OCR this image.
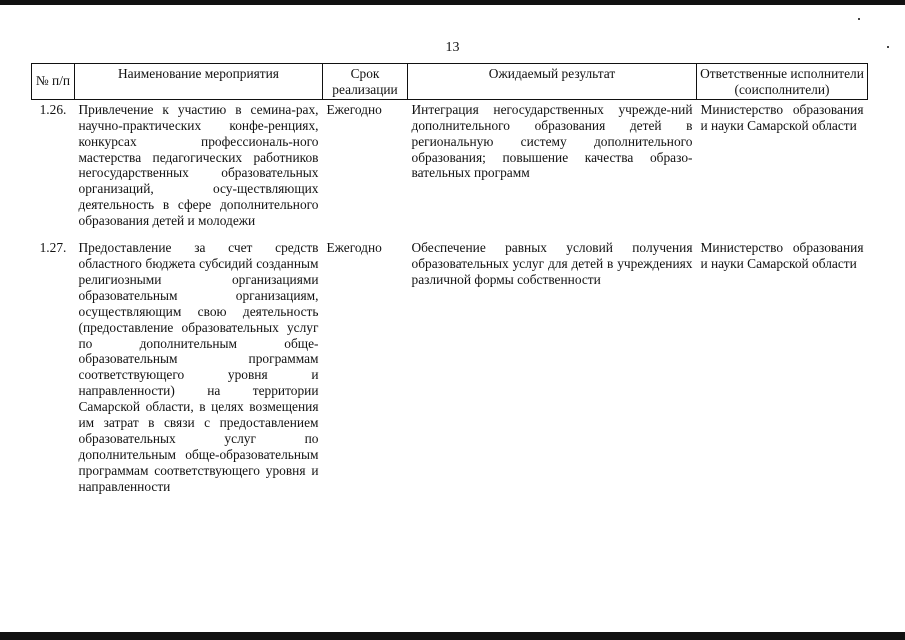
13
№ п/п	Наименование мероприятия	Срок реализации	Ожидаемый результат	Ответственные исполнители (соисполнители)
1.26.	Привлечение к участию в семина-рах, научно-практических конфе-ренциях, конкурсах профессиональ-ного мастерства педагогических работников негосударственных образовательных организаций, осу-ществляющих деятельность в сфере дополнительного образования детей и молодежи	Ежегодно	Интеграция негосударственных учрежде-ний дополнительного образования детей в региональную систему дополнительного образования; повышение качества образо-вательных программ	Министерство образования и науки Самарской области
1.27.	Предоставление за счет средств областного бюджета субсидий созданным религиозными организациями образовательным организациям, осуществляющим свою деятельность (предоставление образовательных услуг по дополнительным обще-образовательным программам соответствующего уровня и направленности) на территории Самарской области, в целях возмещения им затрат в связи с предоставлением образовательных услуг по дополнительным обще-образовательным программам соответствующего уровня и направленности	Ежегодно	Обеспечение равных условий получения образовательных услуг для детей в учреждениях различной формы собственности	Министерство образования и науки Самарской области
